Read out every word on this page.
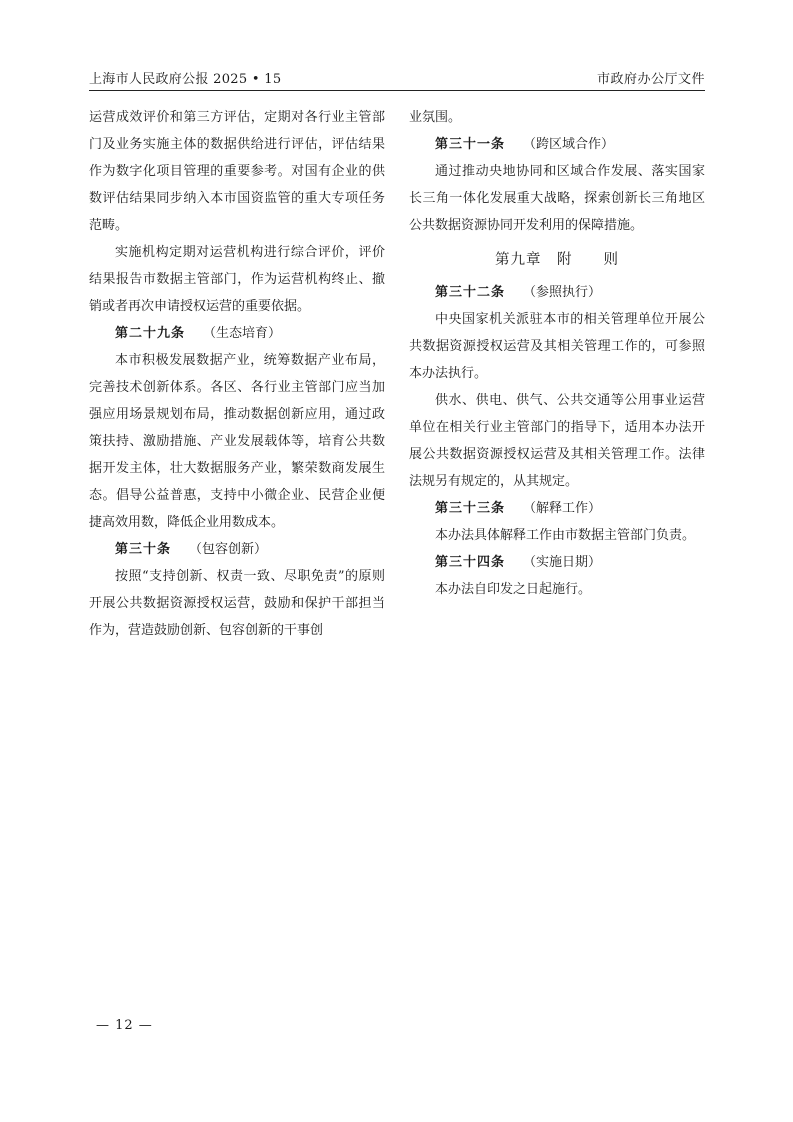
上海市人民政府公报 2025 • 15	市政府办公厅文件

运营成效评价和第三方评估，定期对各行业主管部门及业务实施主体的数据供给进行评估，评估结果作为数字化项目管理的重要参考。对国有企业的供数评估结果同步纳入本市国资监管的重大专项任务范畴。

实施机构定期对运营机构进行综合评价，评价结果报告市数据主管部门，作为运营机构终止、撤销或者再次申请授权运营的重要依据。

第二十九条 （生态培育）

本市积极发展数据产业，统筹数据产业布局，完善技术创新体系。各区、各行业主管部门应当加强应用场景规划布局，推动数据创新应用，通过政策扶持、激励措施、产业发展载体等，培育公共数据开发主体，壮大数据服务产业，繁荣数商发展生态。倡导公益普惠，支持中小微企业、民营企业便捷高效用数，降低企业用数成本。

第三十条 （包容创新）

按照“支持创新、权责一致、尽职免责”的原则开展公共数据资源授权运营，鼓励和保护干部担当作为，营造鼓励创新、包容创新的干事创

业氛围。

第三十一条 （跨区域合作）

通过推动央地协同和区域合作发展、落实国家长三角一体化发展重大战略，探索创新长三角地区公共数据资源协同开发利用的保障措施。

第九章　附　　则

第三十二条 （参照执行）

中央国家机关派驻本市的相关管理单位开展公共数据资源授权运营及其相关管理工作的，可参照本办法执行。

供水、供电、供气、公共交通等公用事业运营单位在相关行业主管部门的指导下，适用本办法开展公共数据资源授权运营及其相关管理工作。法律法规另有规定的，从其规定。

第三十三条 （解释工作）

本办法具体解释工作由市数据主管部门负责。

第三十四条 （实施日期）

本办法自印发之日起施行。

— 12 —
